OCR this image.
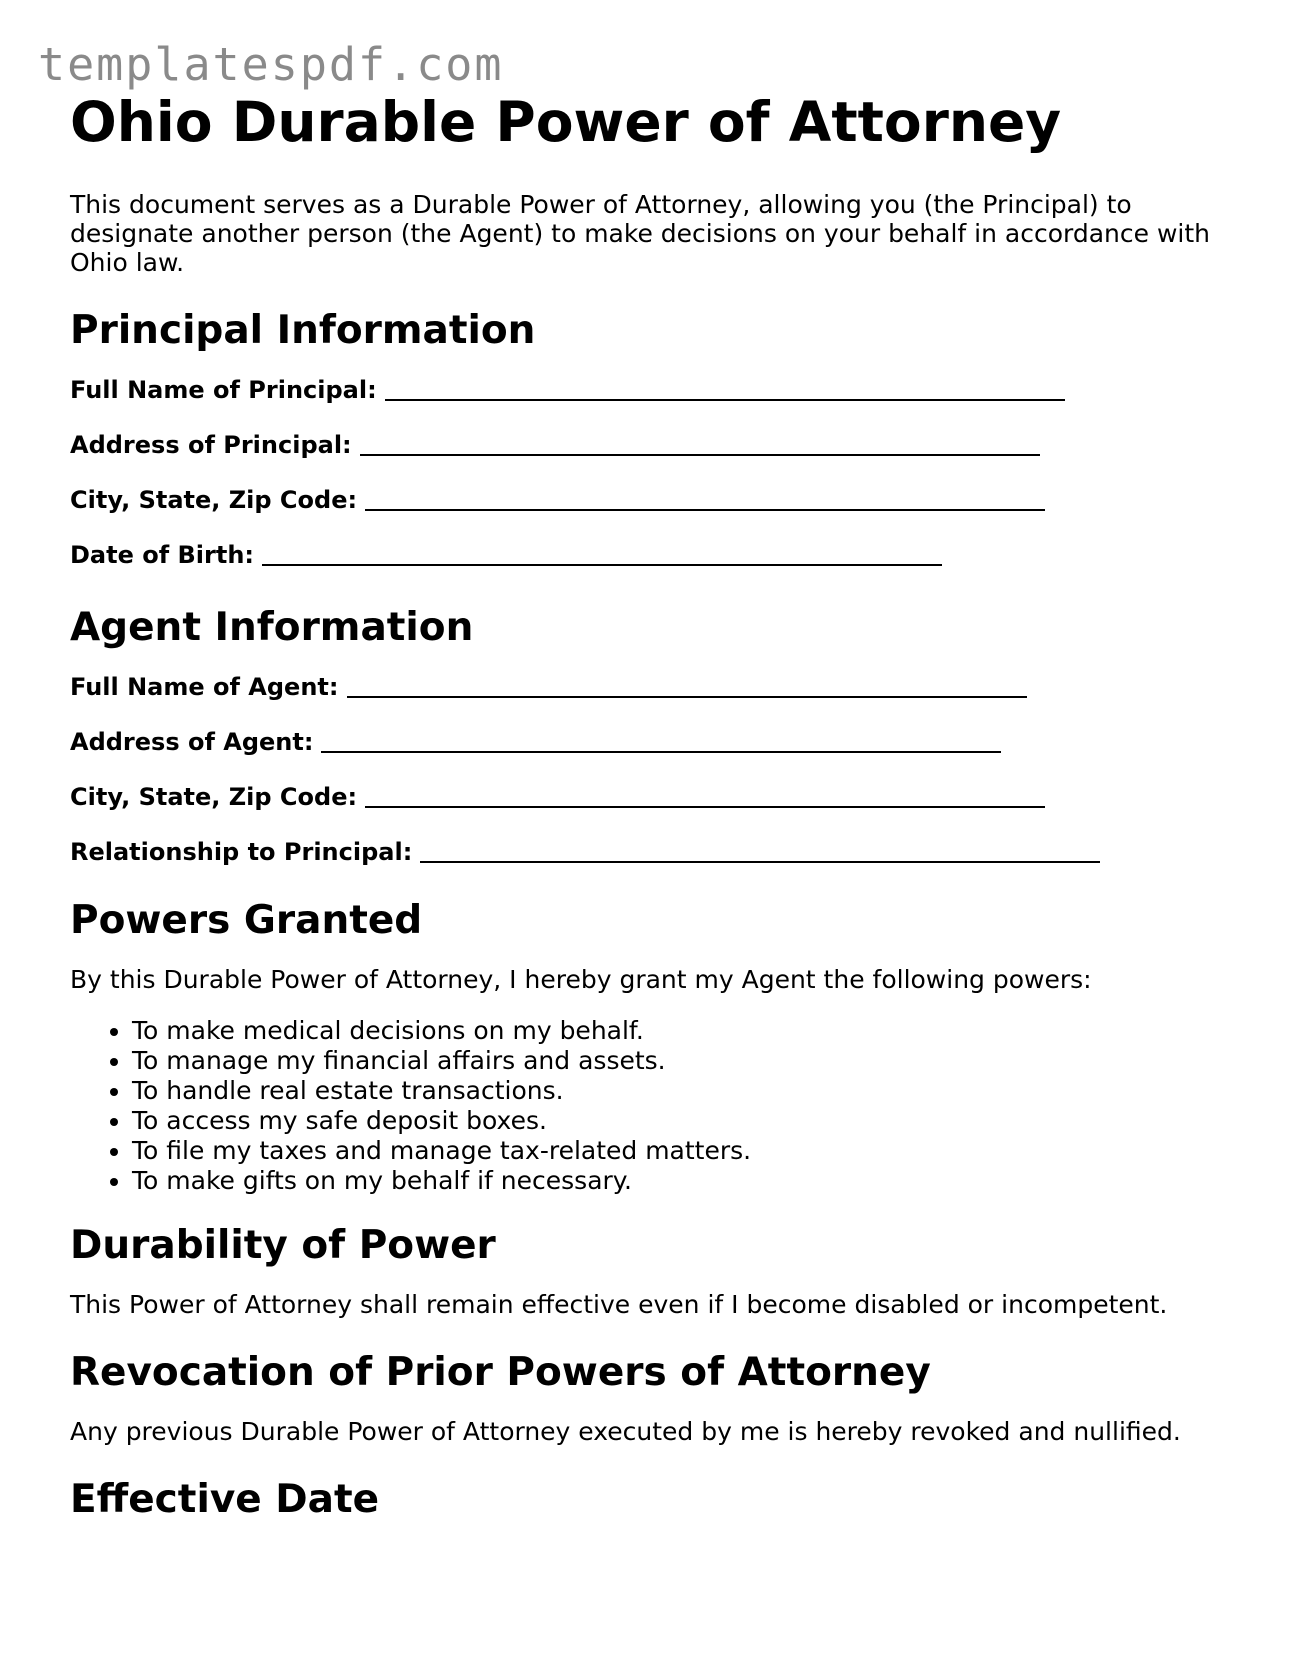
templatespdf.com
Ohio Durable Power of Attorney

This document serves as a Durable Power of Attorney, allowing you (the Principal) to designate another person (the Agent) to make decisions on your behalf in accordance with Ohio law.

Principal Information
Full Name of Principal:
Address of Principal:
City, State, Zip Code:
Date of Birth:
Agent Information
Full Name of Agent:
Address of Agent:
City, State, Zip Code:
Relationship to Principal:
Powers Granted

By this Durable Power of Attorney, I hereby grant my Agent the following powers:

• To make medical decisions on my behalf.
• To manage my financial affairs and assets.
• To handle real estate transactions.
• To access my safe deposit boxes.
• To file my taxes and manage tax-related matters.
• To make gifts on my behalf if necessary.
Durability of Power

This Power of Attorney shall remain effective even if I become disabled or incompetent.

Revocation of Prior Powers of Attorney

Any previous Durable Power of Attorney executed by me is hereby revoked and nullified.

Effective Date
